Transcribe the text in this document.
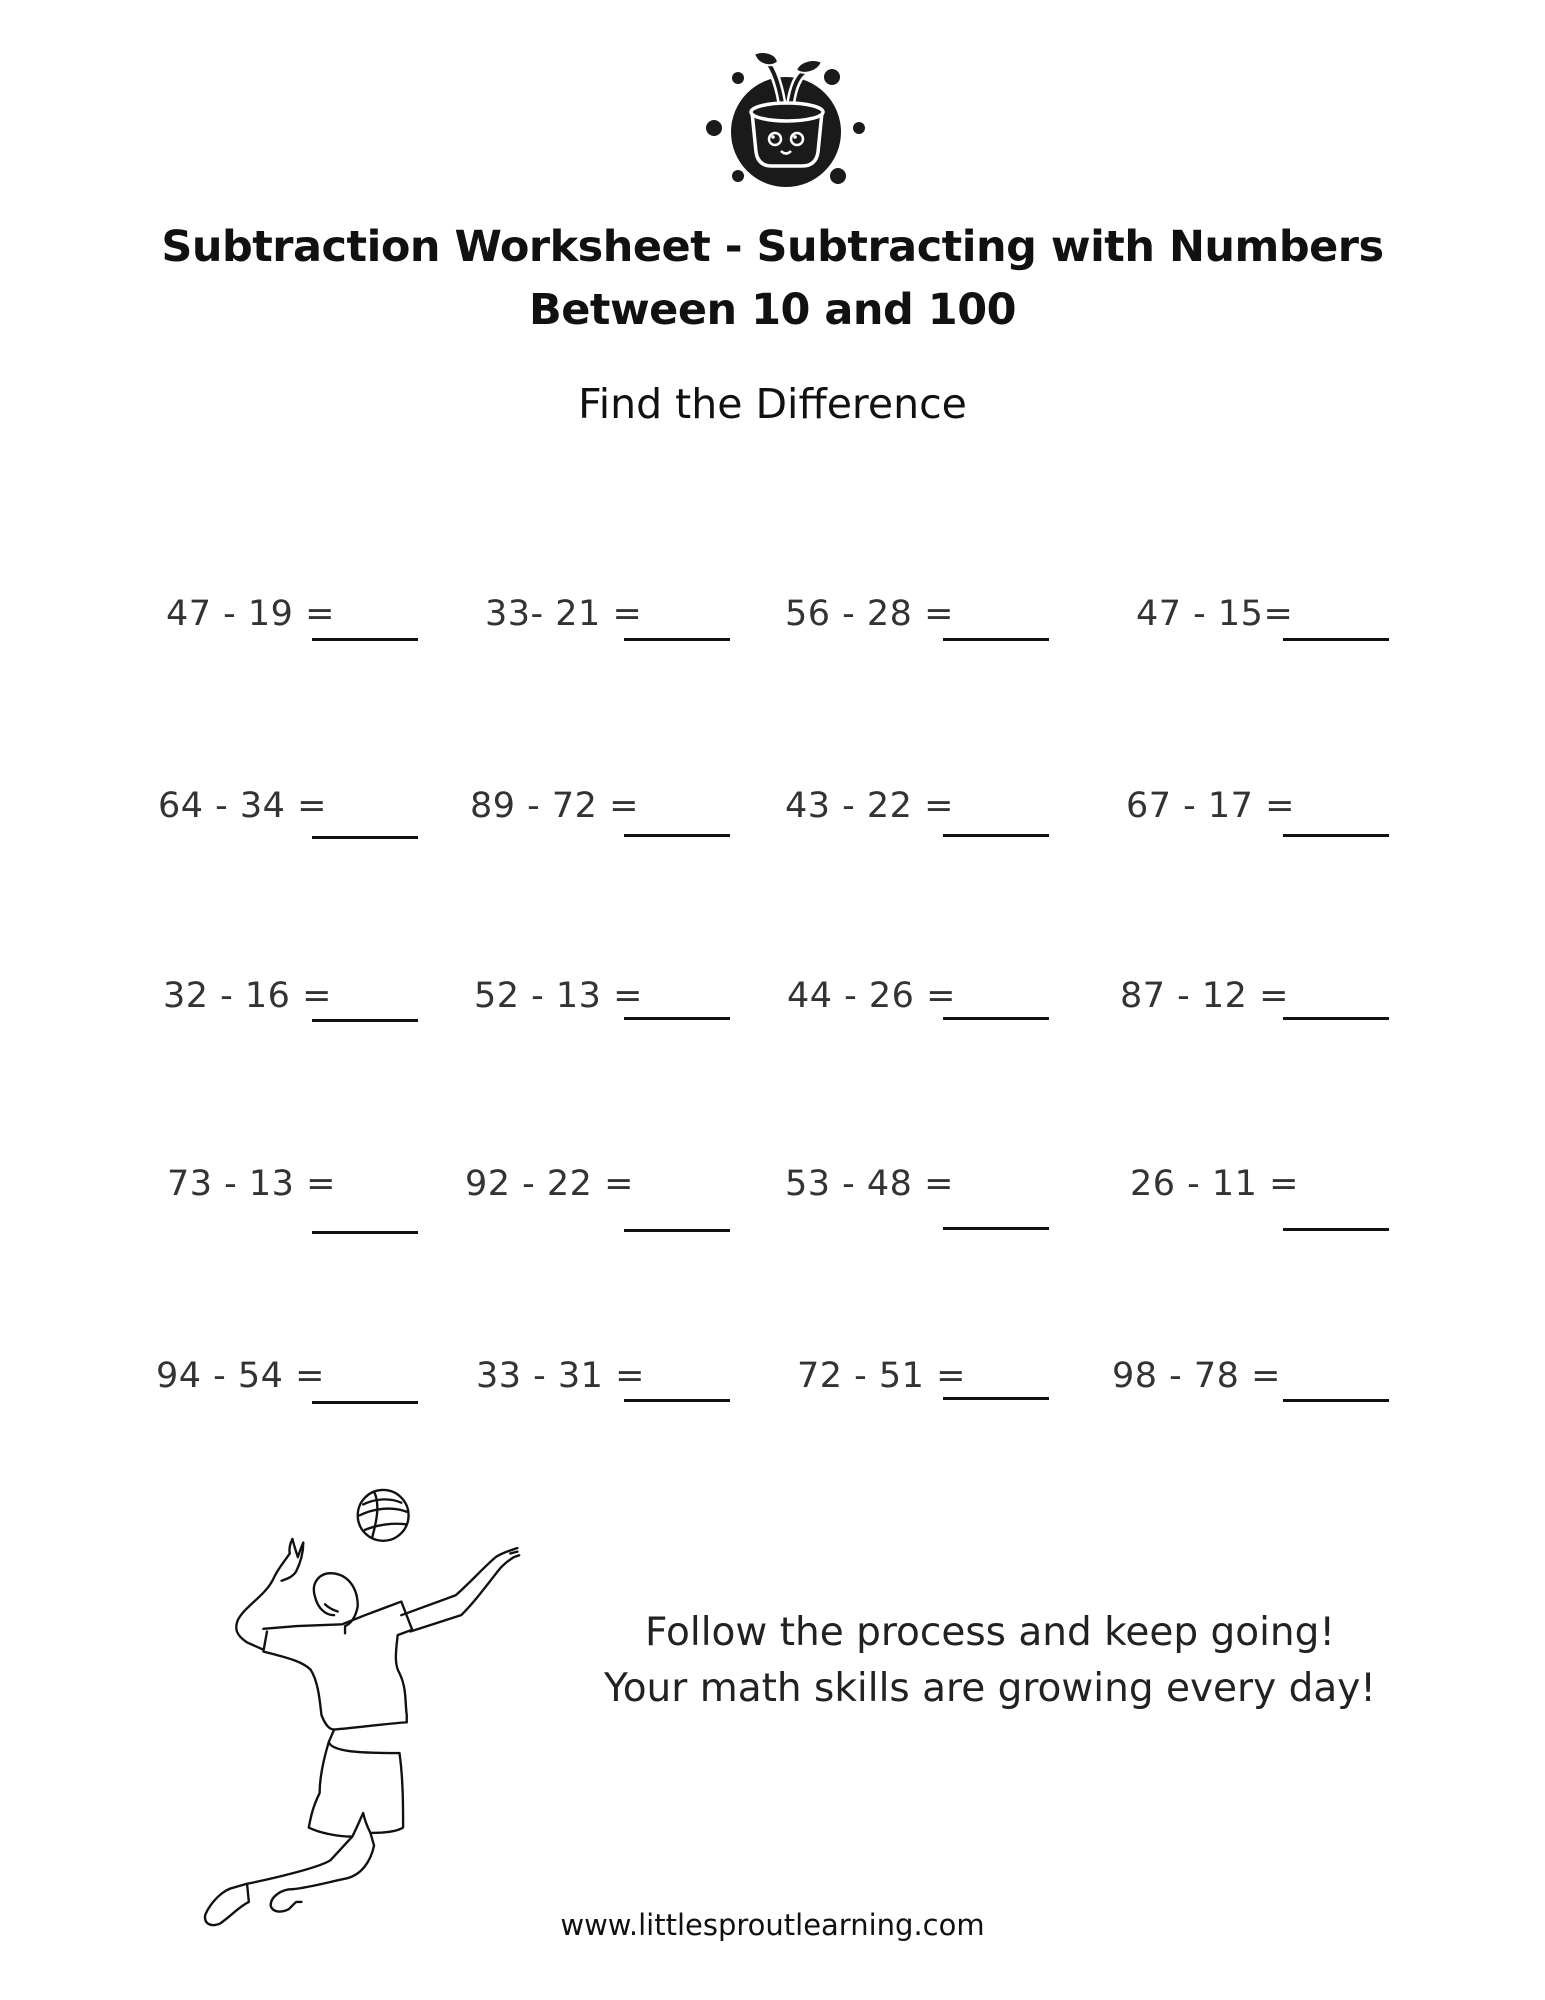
Subtraction Worksheet - Subtracting with Numbers
Between 10 and 100
Find the Difference
47 - 19 =	33- 21 =	56 - 28 =	47 - 15=
64 - 34 =	89 - 72 =	43 - 22 =	67 - 17 =
32 - 16 =	52 - 13 =	44 - 26 =	87 - 12 =
73 - 13 =	92 - 22 =	53 - 48 =	26 - 11 =
94 - 54 =	33 - 31 =	72 - 51 =	98 - 78 =
Follow the process and keep going!
Your math skills are growing every day!
www.littlesproutlearning.com
